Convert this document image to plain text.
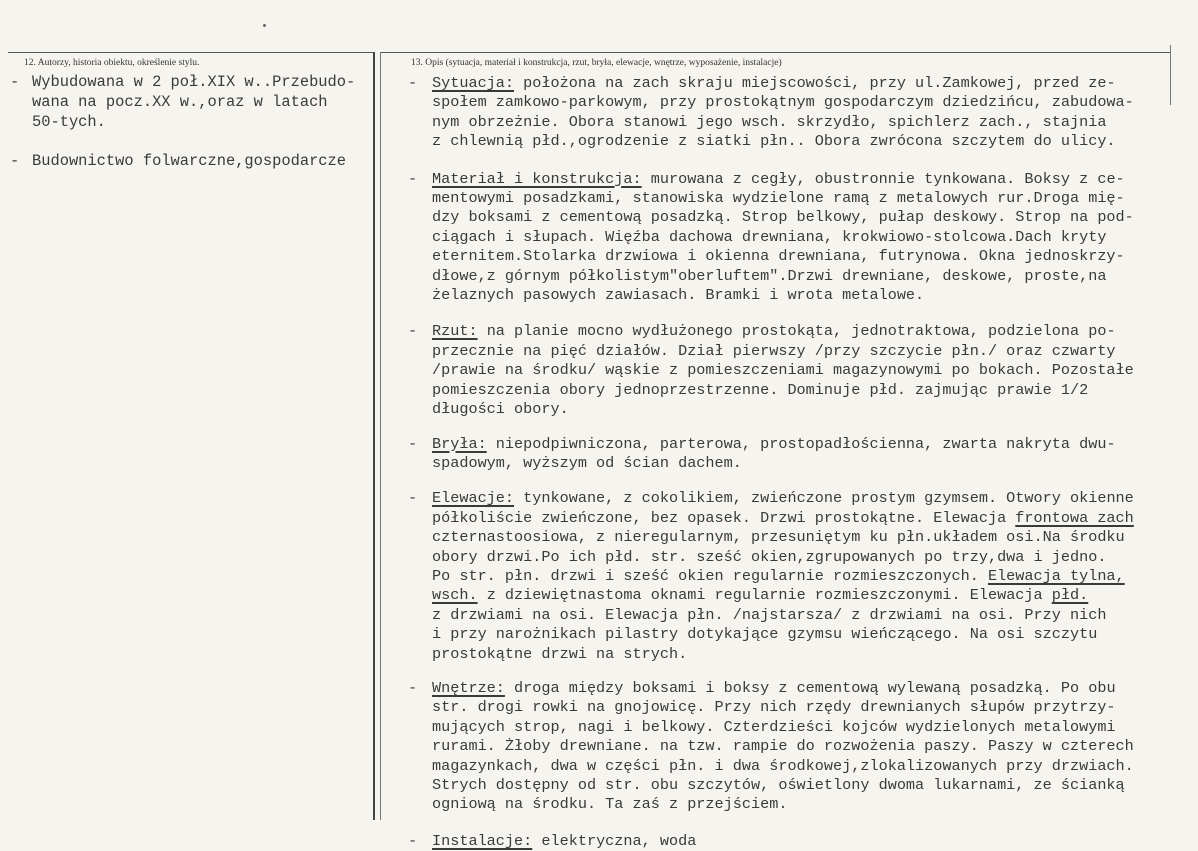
12. Autorzy, historia obiektu, określenie stylu.	13. Opis (sytuacja, materiał i konstrukcja, rzut, bryła, elewacje, wnętrze, wyposażenie, instalacje)
- Wybudowana w 2 poł.XIX w..Przebudo-
wana na pocz.XX w.,oraz w latach
50-tych.
- Budownictwo folwarczne,gospodarcze
- Sytuacja: położona na zach skraju miejscowości, przy ul.Zamkowej, przed ze-
społem zamkowo-parkowym, przy prostokątnym gospodarczym dziedzińcu, zabudowa-
nym obrzeżnie. Obora stanowi jego wsch. skrzydło, spichlerz zach., stajnia
z chlewnią płd.,ogrodzenie z siatki płn.. Obora zwrócona szczytem do ulicy.
- Materiał i konstrukcja: murowana z cegły, obustronnie tynkowana. Boksy z ce-
mentowymi posadzkami, stanowiska wydzielone ramą z metalowych rur.Droga mię-
dzy boksami z cementową posadzką. Strop belkowy, pułap deskowy. Strop na pod-
ciągach i słupach. Więźba dachowa drewniana, krokwiowo-stolcowa.Dach kryty
eternitem.Stolarka drzwiowa i okienna drewniana, futrynowa. Okna jednoskrzy-
dłowe,z górnym półkolistym"oberluftem".Drzwi drewniane, deskowe, proste,na
żelaznych pasowych zawiasach. Bramki i wrota metalowe.
- Rzut: na planie mocno wydłużonego prostokąta, jednotraktowa, podzielona po-
przecznie na pięć działów. Dział pierwszy /przy szczycie płn./ oraz czwarty
/prawie na środku/ wąskie z pomieszczeniami magazynowymi po bokach. Pozostałe
pomieszczenia obory jednoprzestrzenne. Dominuje płd. zajmując prawie 1/2
długości obory.
- Bryła: niepodpiwniczona, parterowa, prostopadłościenna, zwarta nakryta dwu-
spadowym, wyższym od ścian dachem.
- Elewacje: tynkowane, z cokolikiem, zwieńczone prostym gzymsem. Otwory okienne
półkoliście zwieńczone, bez opasek. Drzwi prostokątne. Elewacja frontowa zach
czternastoosiowa, z nieregularnym, przesuniętym ku płn.układem osi.Na środku
obory drzwi.Po ich płd. str. sześć okien,zgrupowanych po trzy,dwa i jedno.
Po str. płn. drzwi i sześć okien regularnie rozmieszczonych. Elewacja tylna,
wsch. z dziewiętnastoma oknami regularnie rozmieszczonymi. Elewacja płd.
z drzwiami na osi. Elewacja płn. /najstarsza/ z drzwiami na osi. Przy nich
i przy narożnikach pilastry dotykające gzymsu wieńczącego. Na osi szczytu
prostokątne drzwi na strych.
- Wnętrze: droga między boksami i boksy z cementową wylewaną posadzką. Po obu
str. drogi rowki na gnojowicę. Przy nich rzędy drewnianych słupów przytrzy-
mujących strop, nagi i belkowy. Czterdzieści kojców wydzielonych metalowymi
rurami. Żłoby drewniane. na tzw. rampie do rozwożenia paszy. Paszy w czterech
magazynkach, dwa w części płn. i dwa środkowej,zlokalizowanych przy drzwiach.
Strych dostępny od str. obu szczytów, oświetlony dwoma lukarnami, ze ścianką
ogniową na środku. Ta zaś z przejściem.
- Instalacje: elektryczna, woda
